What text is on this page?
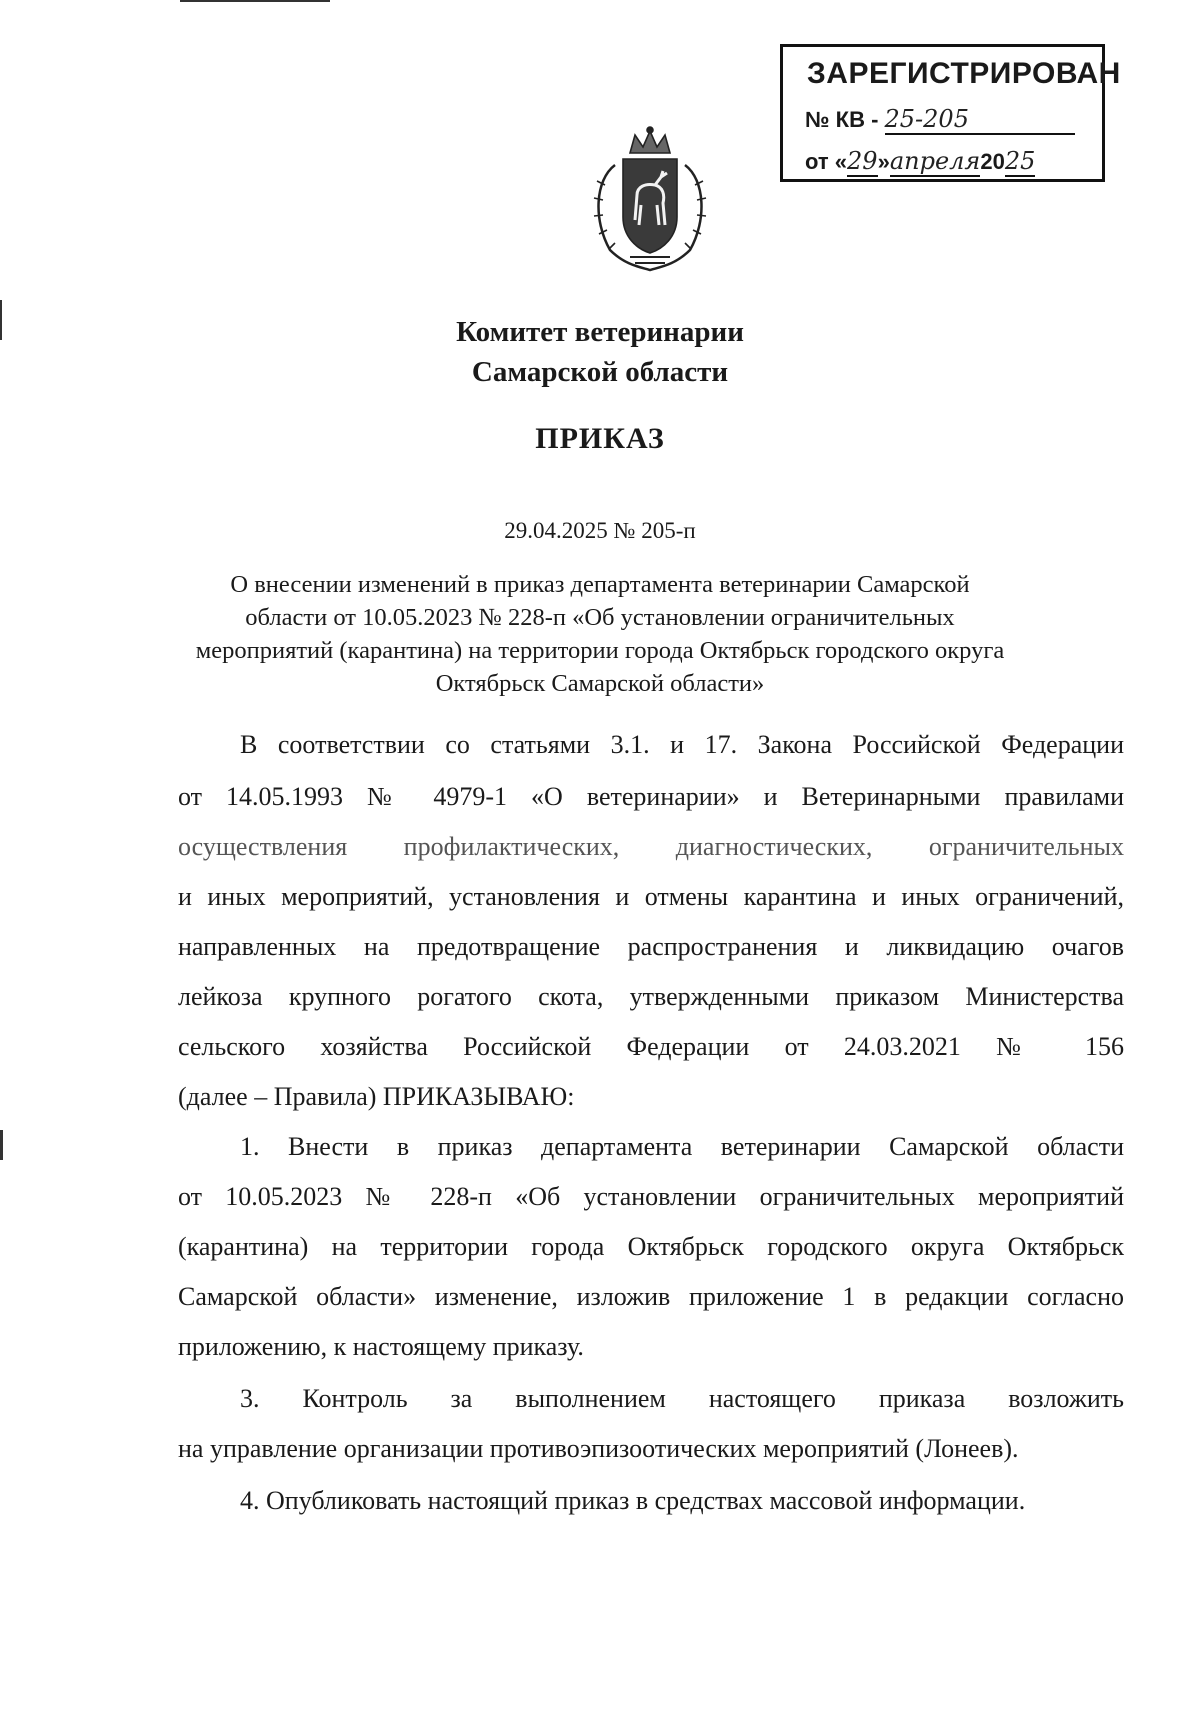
ЗАРЕГИСТРИРОВАН
№ КВ - 25-205
от «29»апреля2025
Комитет ветеринарии
Самарской области
ПРИКАЗ
29.04.2025 № 205-п
О внесении изменений в приказ департамента ветеринарии Самарской
области от 10.05.2023 № 228-п «Об установлении ограничительных
мероприятий (карантина) на территории города Октябрьск городского округа
Октябрьск Самарской области»
В соответствии со статьями 3.1. и 17. Закона Российской Федерации
от 14.05.1993 № 4979-1 «О ветеринарии» и Ветеринарными правилами
осуществления профилактических, диагностических, ограничительных
и иных мероприятий, установления и отмены карантина и иных ограничений,
направленных на предотвращение распространения и ликвидацию очагов
лейкоза крупного рогатого скота, утвержденными приказом Министерства
сельского хозяйства Российской Федерации от 24.03.2021 № 156
(далее – Правила) ПРИКАЗЫВАЮ:
1. Внести в приказ департамента ветеринарии Самарской области
от 10.05.2023 № 228-п «Об установлении ограничительных мероприятий
(карантина) на территории города Октябрьск городского округа Октябрьск
Самарской области» изменение, изложив приложение 1 в редакции согласно
приложению, к настоящему приказу.
3. Контроль за выполнением настоящего приказа возложить
на управление организации противоэпизоотических мероприятий (Лонеев).
4. Опубликовать настоящий приказ в средствах массовой информации.
